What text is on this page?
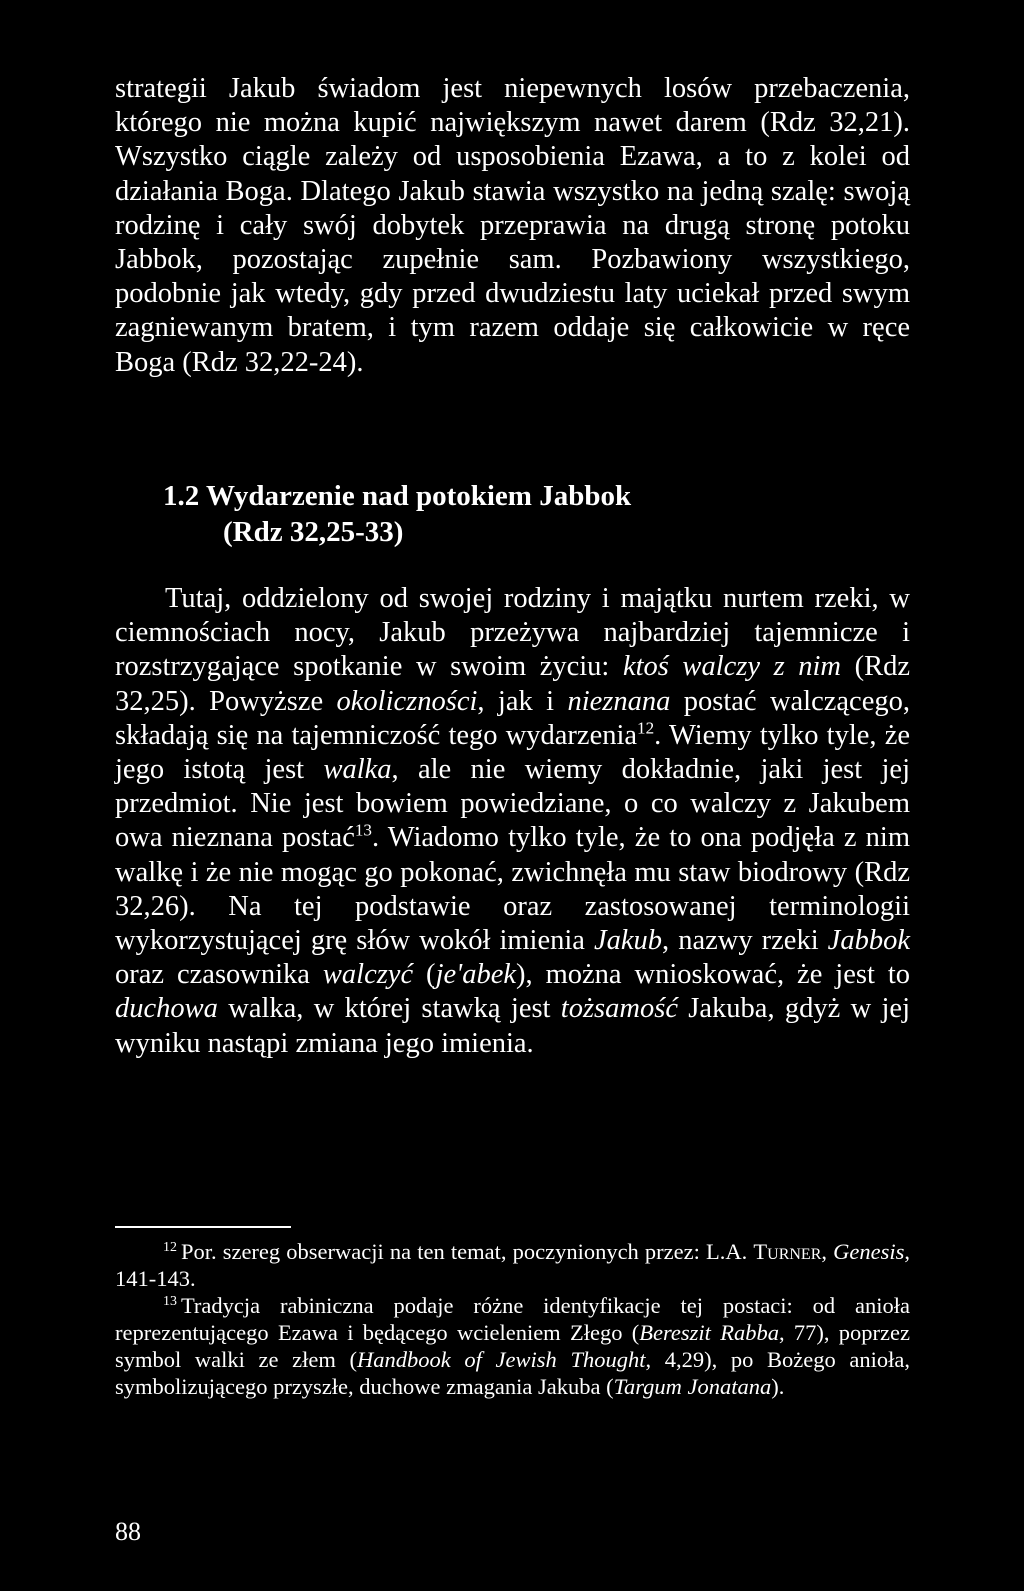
strategii Jakub świadom jest niepewnych losów przebaczenia, którego nie można kupić największym nawet darem (Rdz 32,21). Wszystko ciągle zależy od usposobienia Ezawa, a to z kolei od działania Boga. Dlatego Jakub stawia wszystko na jedną szalę: swoją rodzinę i cały swój dobytek przeprawia na drugą stronę potoku Jabbok, pozostając zupełnie sam. Pozbawiony wszystkiego, podobnie jak wtedy, gdy przed dwudziestu laty uciekał przed swym zagniewanym bratem, i tym razem oddaje się całkowicie w ręce Boga (Rdz 32,22-24).

1.2 Wydarzenie nad potokiem Jabbok
(Rdz 32,25-33)

Tutaj, oddzielony od swojej rodziny i majątku nurtem rzeki, w ciemnościach nocy, Jakub przeżywa najbardziej tajemnicze i rozstrzygające spotkanie w swoim życiu: ktoś walczy z nim (Rdz 32,25). Powyższe okoliczności, jak i nieznana postać walczącego, składają się na tajemniczość tego wydarzenia$^{12}$. Wiemy tylko tyle, że jego istotą jest walka, ale nie wiemy dokładnie, jaki jest jej przedmiot. Nie jest bowiem powiedziane, o co walczy z Jakubem owa nieznana postać$^{13}$. Wiadomo tylko tyle, że to ona podjęła z nim walkę i że nie mogąc go pokonać, zwichnęła mu staw biodrowy (Rdz 32,26). Na tej podstawie oraz zastosowanej terminologii wykorzystującej grę słów wokół imienia Jakub, nazwy rzeki Jabbok oraz czasownika walczyć (je'abek), można wnioskować, że jest to duchowa walka, w której stawką jest tożsamość Jakuba, gdyż w jej wyniku nastąpi zmiana jego imienia.

$^{12}$ Por. szereg obserwacji na ten temat, poczynionych przez: L.A. Turner, Genesis, 141-143.
$^{13}$ Tradycja rabiniczna podaje różne identyfikacje tej postaci: od anioła reprezentującego Ezawa i będącego wcieleniem Złego (Bereszit Rabba, 77), poprzez symbol walki ze złem (Handbook of Jewish Thought, 4,29), po Bożego anioła, symbolizującego przyszłe, duchowe zmagania Jakuba (Targum Jonatana).
88
